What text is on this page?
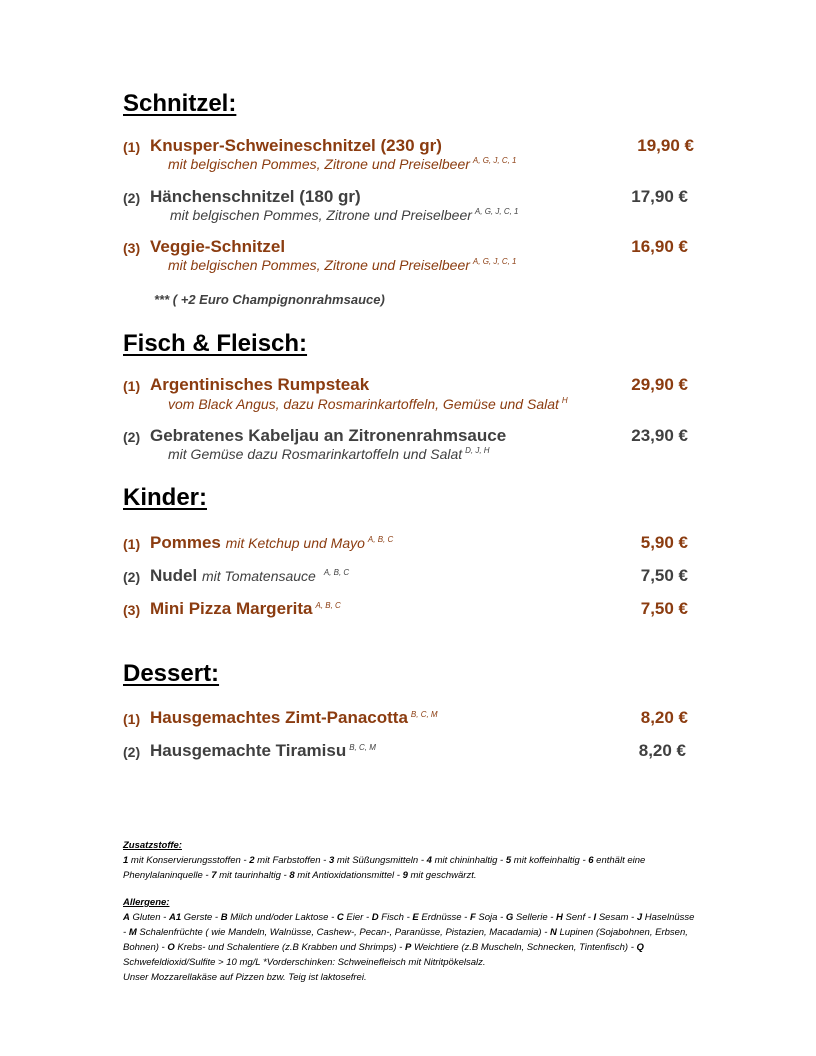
Schnitzel:
(1) Knusper-Schweineschnitzel (230 gr)	19,90 €
mit belgischen Pommes, Zitrone und Preiselbeer $^{A, G, J, C, 1}$
(2) Hänchenschnitzel (180 gr)	17,90 €
mit belgischen Pommes, Zitrone und Preiselbeer $^{A, G, J, C, 1}$
(3) Veggie-Schnitzel	16,90 €
mit belgischen Pommes, Zitrone und Preiselbeer $^{A, G, J, C, 1}$
*** ( +2 Euro Champignonrahmsauce)
Fisch & Fleisch:
(1) Argentinisches Rumpsteak	29,90 €
vom Black Angus, dazu Rosmarinkartoffeln, Gemüse und Salat $^H$
(2) Gebratenes Kabeljau an Zitronenrahmsauce	23,90 €
mit Gemüse dazu Rosmarinkartoffeln und Salat $^{D, J, H}$
Kinder:
(1) Pommes mit Ketchup und Mayo $^{A, B, C}$	5,90 €
(2) Nudel mit Tomatensauce $^{A, B, C}$	7,50 €
(3) Mini Pizza Margerita $^{A, B, C}$	7,50 €
Dessert:
(1) Hausgemachtes Zimt-Panacotta $^{B, C, M}$	8,20 €
(2) Hausgemachte Tiramisu $^{B, C, M}$	8,20 €
Zusatzstoffe:
1 mit Konservierungsstoffen - 2 mit Farbstoffen - 3 mit Süßungsmitteln - 4 mit chininhaltig - 5 mit koffeinhaltig - 6 enthält eine Phenylalaninquelle - 7 mit taurinhaltig - 8 mit Antioxidationsmittel - 9 mit geschwärzt.
Allergene:
A Gluten - A1 Gerste - B Milch und/oder Laktose - C Eier - D Fisch - E Erdnüsse - F Soja - G Sellerie - H Senf - I Sesam - J Haselnüsse - M Schalenfrüchte ( wie Mandeln, Walnüsse, Cashew-, Pecan-, Paranüsse, Pistazien, Macadamia) - N Lupinen (Sojabohnen, Erbsen, Bohnen) - O Krebs- und Schalentiere (z.B Krabben und Shrimps) - P Weichtiere (z.B Muscheln, Schnecken, Tintenfisch) - Q Schwefeldioxid/Sulfite > 10 mg/L *Vorderschinken: Schweinefleisch mit Nitritpökelsalz.
Unser Mozzarellakäse auf Pizzen bzw. Teig ist laktosefrei.
